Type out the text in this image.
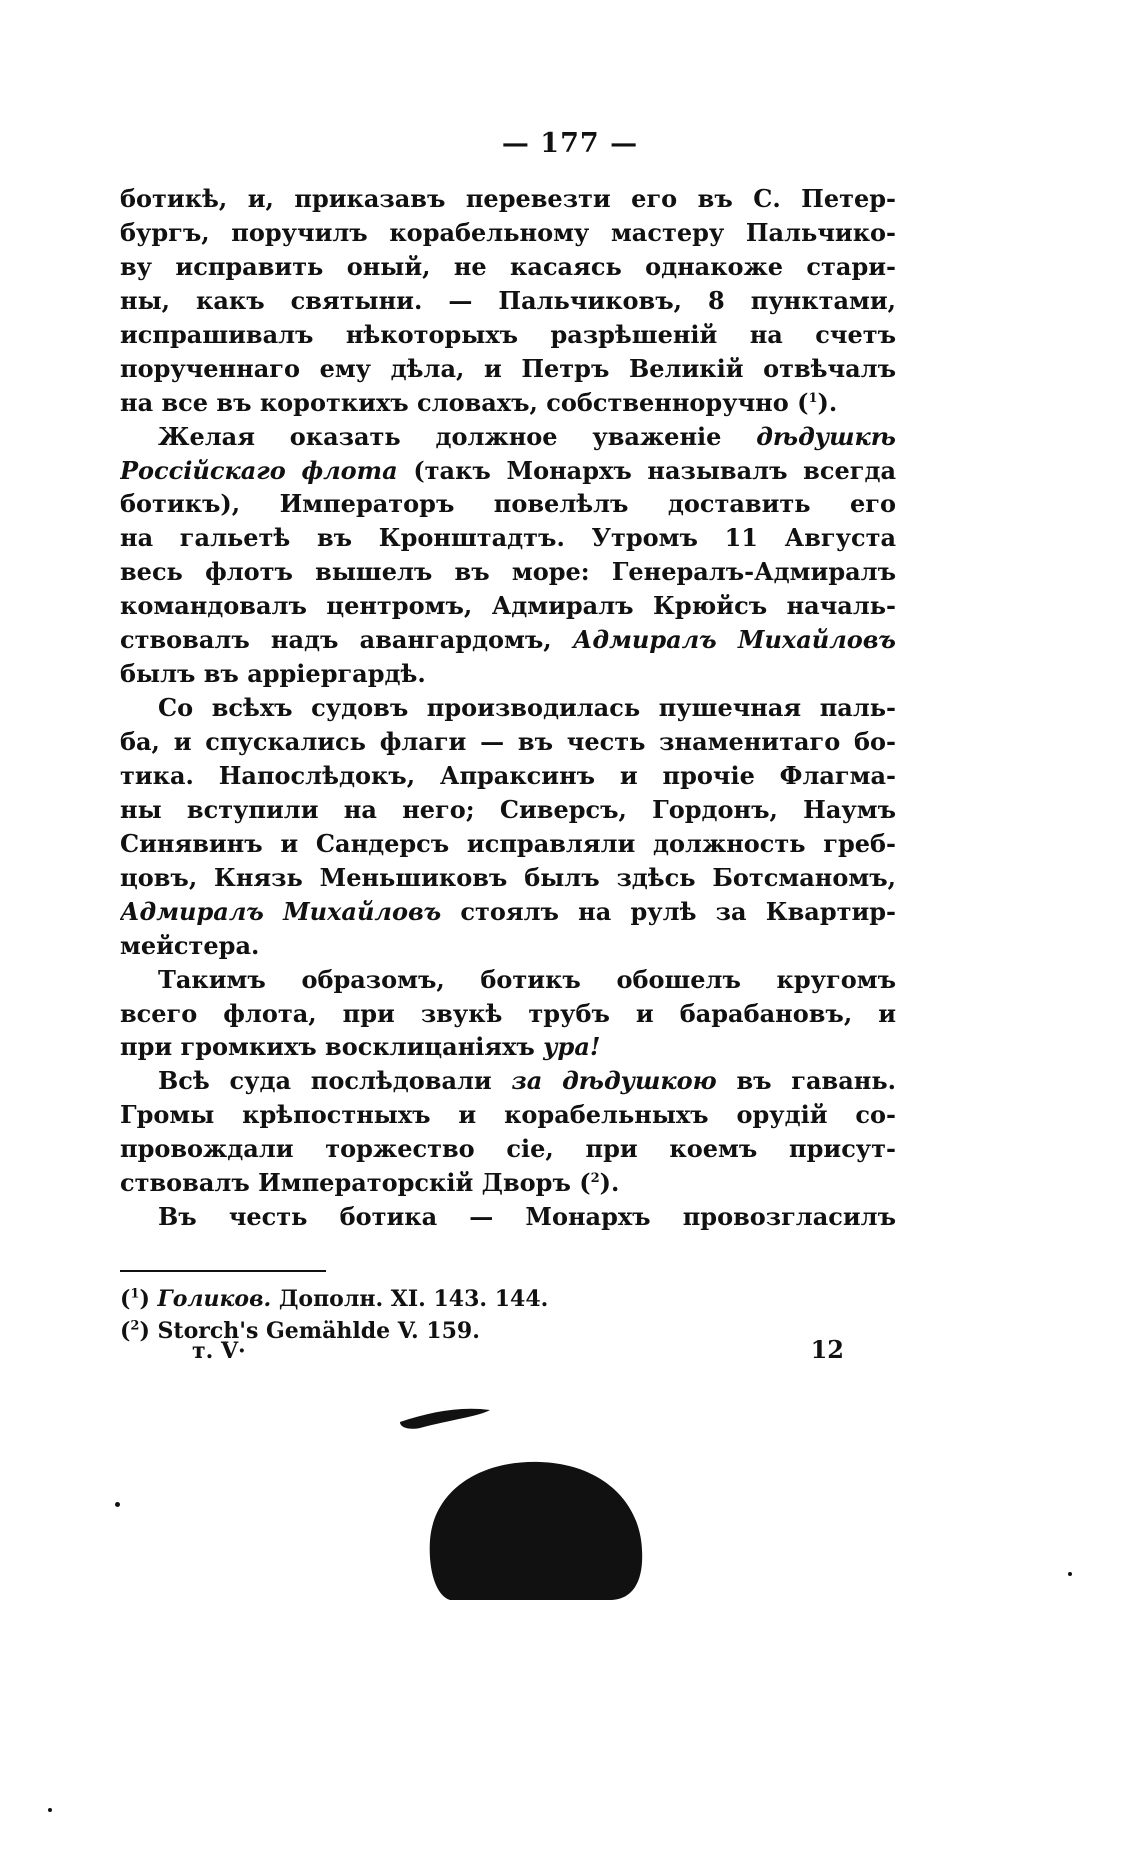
— 177 —
ботикѣ, и, приказавъ перевезти его въ С. Петер-
бургъ, поручилъ корабельному мастеру Пальчико-
ву исправить оный, не касаясь однакоже стари-
ны, какъ святыни. — Пальчиковъ, 8 пунктами,
испрашивалъ нѣкоторыхъ разрѣшеній на счетъ
порученнаго ему дѣла, и Петръ Великій отвѣчалъ
на все въ короткихъ словахъ, собственноручно ($^1$).
Желая оказать должное уваженіе дѣдушкѣ
Россійскаго флота (такъ Монархъ называлъ всегда
ботикъ), Императоръ повелѣлъ доставить его
на гальетѣ въ Кронштадтъ. Утромъ 11 Августа
весь флотъ вышелъ въ море: Генералъ-Адмиралъ
командовалъ центромъ, Адмиралъ Крюйсъ началь-
ствовалъ надъ авангардомъ, Адмиралъ Михайловъ
былъ въ арріергардѣ.
Со всѣхъ судовъ производилась пушечная паль-
ба, и спускались флаги — въ честь знаменитаго бо-
тика. Напослѣдокъ, Апраксинъ и прочіе Флагма-
ны вступили на него; Сиверсъ, Гордонъ, Наумъ
Синявинъ и Сандерсъ исправляли должность греб-
цовъ, Князь Меньшиковъ былъ здѣсь Ботсманомъ,
Адмиралъ Михайловъ стоялъ на рулѣ за Квартир-
мейстера.
Такимъ образомъ, ботикъ обошелъ кругомъ
всего флота, при звукѣ трубъ и барабановъ, и
при громкихъ восклицаніяхъ ура!
Всѣ суда послѣдовали за дѣдушкою въ гавань.
Громы крѣпостныхъ и корабельныхъ орудій со-
провождали торжество сіе, при коемъ присут-
ствовалъ Императорскій Дворъ ($^2$).
Въ честь ботика — Монархъ провозгласилъ
($^1$) Голиков. Дополн. XI. 143. 144.
($^2$) Storch's Gemählde V. 159.
т. V·	12
